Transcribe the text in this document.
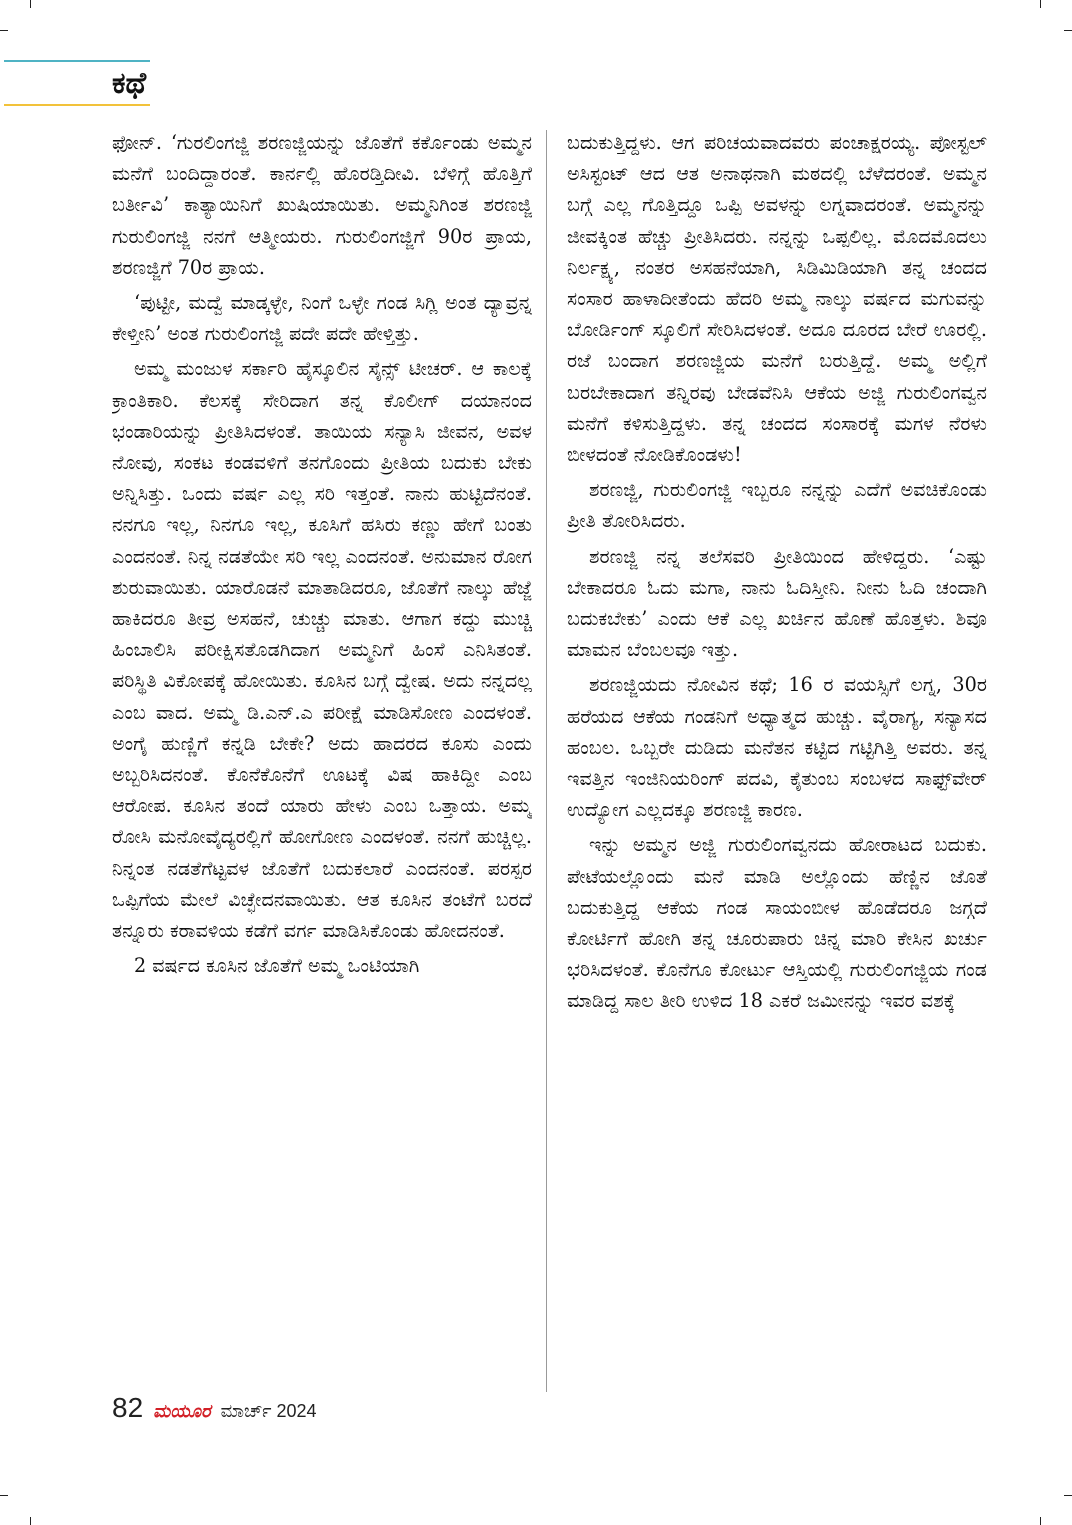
ಕಥೆ

ಫೋನ್. ‘ಗುರಲಿಂಗಜ್ಜಿ ಶರಣಜ್ಜಿಯನ್ನು ಜೊತೆಗೆ ಕರ್ಕೊಂಡು ಅಮ್ಮನ ಮನೆಗೆ ಬಂದಿದ್ದಾರಂತೆ. ಕಾರ್ನಲ್ಲಿ ಹೊರಡ್ತಿದೀವಿ. ಬೆಳಿಗ್ಗೆ ಹೊತ್ತಿಗೆ ಬರ್ತೀವಿ’ ಕಾತ್ಯಾಯಿನಿಗೆ ಖುಷಿಯಾಯಿತು. ಅಮ್ಮನಿಗಿಂತ ಶರಣಜ್ಜಿ ಗುರುಲಿಂಗಜ್ಜಿ ನನಗೆ ಆತ್ಮೀಯರು. ಗುರುಲಿಂಗಜ್ಜಿಗೆ 90ರ ಪ್ರಾಯ, ಶರಣಜ್ಜಿಗೆ 70ರ ಪ್ರಾಯ.

‘ಪುಟ್ಟೀ, ಮದ್ವೆ ಮಾಡ್ಕಳ್ಳೇ, ನಿಂಗೆ ಒಳ್ಳೇ ಗಂಡ ಸಿಗ್ಲಿ ಅಂತ ದ್ಯಾವ್ರನ್ನ ಕೇಳ್ತೀನಿ’ ಅಂತ ಗುರುಲಿಂಗಜ್ಜಿ ಪದೇ ಪದೇ ಹೇಳ್ತಿತ್ತು.

ಅಮ್ಮ ಮಂಜುಳ ಸರ್ಕಾರಿ ಹೈಸ್ಕೂಲಿನ ಸೈನ್ಸ್ ಟೀಚರ್. ಆ ಕಾಲಕ್ಕೆ ಕ್ರಾಂತಿಕಾರಿ. ಕೆಲಸಕ್ಕೆ ಸೇರಿದಾಗ ತನ್ನ ಕೊಲೀಗ್ ದಯಾನಂದ ಭಂಡಾರಿಯನ್ನು ಪ್ರೀತಿಸಿದಳಂತೆ. ತಾಯಿಯ ಸನ್ಯಾಸಿ ಜೀವನ, ಅವಳ ನೋವು, ಸಂಕಟ ಕಂಡವಳಿಗೆ ತನಗೊಂದು ಪ್ರೀತಿಯ ಬದುಕು ಬೇಕು ಅನ್ನಿಸಿತ್ತು. ಒಂದು ವರ್ಷ ಎಲ್ಲ ಸರಿ ಇತ್ತಂತೆ. ನಾನು ಹುಟ್ಟಿದೆನಂತೆ. ನನಗೂ ಇಲ್ಲ, ನಿನಗೂ ಇಲ್ಲ, ಕೂಸಿಗೆ ಹಸಿರು ಕಣ್ಣು ಹೇಗೆ ಬಂತು ಎಂದನಂತೆ. ನಿನ್ನ ನಡತೆಯೇ ಸರಿ ಇಲ್ಲ ಎಂದನಂತೆ. ಅನುಮಾನ ರೋಗ ಶುರುವಾಯಿತು. ಯಾರೊಡನೆ ಮಾತಾಡಿದರೂ, ಜೊತೆಗೆ ನಾಲ್ಕು ಹೆಜ್ಜೆ ಹಾಕಿದರೂ ತೀವ್ರ ಅಸಹನೆ, ಚುಚ್ಚು ಮಾತು. ಆಗಾಗ ಕದ್ದು ಮುಚ್ಚಿ ಹಿಂಬಾಲಿಸಿ ಪರೀಕ್ಷಿಸತೊಡಗಿದಾಗ ಅಮ್ಮನಿಗೆ ಹಿಂಸೆ ಎನಿಸಿತಂತೆ. ಪರಿಸ್ಥಿತಿ ವಿಕೋಪಕ್ಕೆ ಹೋಯಿತು. ಕೂಸಿನ ಬಗ್ಗೆ ದ್ವೇಷ. ಅದು ನನ್ನದಲ್ಲ ಎಂಬ ವಾದ. ಅಮ್ಮ ಡಿ.ಎನ್.ಎ ಪರೀಕ್ಷೆ ಮಾಡಿಸೋಣ ಎಂದಳಂತೆ. ಅಂಗೈ ಹುಣ್ಣಿಗೆ ಕನ್ನಡಿ ಬೇಕೇ? ಅದು ಹಾದರದ ಕೂಸು ಎಂದು ಅಬ್ಬರಿಸಿದನಂತೆ. ಕೊನೆಕೊನೆಗೆ ಊಟಕ್ಕೆ ವಿಷ ಹಾಕಿದ್ದೀ ಎಂಬ ಆರೋಪ. ಕೂಸಿನ ತಂದೆ ಯಾರು ಹೇಳು ಎಂಬ ಒತ್ತಾಯ. ಅಮ್ಮ ರೋಸಿ ಮನೋವೈದ್ಯರಲ್ಲಿಗೆ ಹೋಗೋಣ ಎಂದಳಂತೆ. ನನಗೆ ಹುಚ್ಚಿಲ್ಲ. ನಿನ್ನಂತ ನಡತೆಗೆಟ್ಟವಳ ಜೊತೆಗೆ ಬದುಕಲಾರೆ ಎಂದನಂತೆ. ಪರಸ್ಪರ ಒಪ್ಪಿಗೆಯ ಮೇಲೆ ವಿಚ್ಛೇದನವಾಯಿತು. ಆತ ಕೂಸಿನ ತಂಟೆಗೆ ಬರದೆ ತನ್ನೂರು ಕರಾವಳಿಯ ಕಡೆಗೆ ವರ್ಗ ಮಾಡಿಸಿಕೊಂಡು ಹೋದನಂತೆ.

2 ವರ್ಷದ ಕೂಸಿನ ಜೊತೆಗೆ ಅಮ್ಮ ಒಂಟಿಯಾಗಿ

ಬದುಕುತ್ತಿದ್ದಳು. ಆಗ ಪರಿಚಯವಾದವರು ಪಂಚಾಕ್ಷರಯ್ಯ. ಪೋಸ್ಟಲ್ ಅಸಿಸ್ಟಂಟ್ ಆದ ಆತ ಅನಾಥನಾಗಿ ಮಠದಲ್ಲಿ ಬೆಳೆದರಂತೆ. ಅಮ್ಮನ ಬಗ್ಗೆ ಎಲ್ಲ ಗೊತ್ತಿದ್ದೂ ಒಪ್ಪಿ ಅವಳನ್ನು ಲಗ್ನವಾದರಂತೆ. ಅಮ್ಮನನ್ನು ಜೀವಕ್ಕಿಂತ ಹೆಚ್ಚು ಪ್ರೀತಿಸಿದರು. ನನ್ನನ್ನು ಒಪ್ಪಲಿಲ್ಲ. ಮೊದಮೊದಲು ನಿರ್ಲಕ್ಷ್ಯ, ನಂತರ ಅಸಹನೆಯಾಗಿ, ಸಿಡಿಮಿಡಿಯಾಗಿ ತನ್ನ ಚಂದದ ಸಂಸಾರ ಹಾಳಾದೀತೆಂದು ಹೆದರಿ ಅಮ್ಮ ನಾಲ್ಕು ವರ್ಷದ ಮಗುವನ್ನು ಬೋರ್ಡಿಂಗ್ ಸ್ಕೂಲಿಗೆ ಸೇರಿಸಿದಳಂತೆ. ಅದೂ ದೂರದ ಬೇರೆ ಊರಲ್ಲಿ. ರಜೆ ಬಂದಾಗ ಶರಣಜ್ಜಿಯ ಮನೆಗೆ ಬರುತ್ತಿದ್ದೆ. ಅಮ್ಮ ಅಲ್ಲಿಗೆ ಬರಬೇಕಾದಾಗ ತನ್ನಿರವು ಬೇಡವೆನಿಸಿ ಆಕೆಯ ಅಜ್ಜಿ ಗುರುಲಿಂಗವ್ವನ ಮನೆಗೆ ಕಳಿಸುತ್ತಿದ್ದಳು. ತನ್ನ ಚಂದದ ಸಂಸಾರಕ್ಕೆ ಮಗಳ ನೆರಳು ಬೀಳದಂತೆ ನೋಡಿಕೊಂಡಳು!

ಶರಣಜ್ಜಿ, ಗುರುಲಿಂಗಜ್ಜಿ ಇಬ್ಬರೂ ನನ್ನನ್ನು ಎದೆಗೆ ಅವಚಿಕೊಂಡು ಪ್ರೀತಿ ತೋರಿಸಿದರು.

ಶರಣಜ್ಜಿ ನನ್ನ ತಲೆಸವರಿ ಪ್ರೀತಿಯಿಂದ ಹೇಳಿದ್ದರು. ‘ಎಷ್ಟು ಬೇಕಾದರೂ ಓದು ಮಗಾ, ನಾನು ಓದಿಸ್ತೀನಿ. ನೀನು ಓದಿ ಚಂದಾಗಿ ಬದುಕಬೇಕು’ ಎಂದು ಆಕೆ ಎಲ್ಲ ಖರ್ಚಿನ ಹೊಣೆ ಹೊತ್ತಳು. ಶಿವೂ ಮಾಮನ ಬೆಂಬಲವೂ ಇತ್ತು.

ಶರಣಜ್ಜಿಯದು ನೋವಿನ ಕಥೆ; 16 ರ ವಯಸ್ಸಿಗೆ ಲಗ್ನ, 30ರ ಹರೆಯದ ಆಕೆಯ ಗಂಡನಿಗೆ ಅಧ್ಯಾತ್ಮದ ಹುಚ್ಚು. ವೈರಾಗ್ಯ, ಸನ್ಯಾಸದ ಹಂಬಲ. ಒಬ್ಬರೇ ದುಡಿದು ಮನೆತನ ಕಟ್ಟಿದ ಗಟ್ಟಿಗಿತ್ತಿ ಅವರು. ತನ್ನ ಇವತ್ತಿನ ಇಂಜಿನಿಯರಿಂಗ್ ಪದವಿ, ಕೈತುಂಬ ಸಂಬಳದ ಸಾಫ್ಟ್‌ವೇರ್ ಉದ್ಯೋಗ ಎಲ್ಲದಕ್ಕೂ ಶರಣಜ್ಜಿ ಕಾರಣ.

ಇನ್ನು ಅಮ್ಮನ ಅಜ್ಜಿ ಗುರುಲಿಂಗವ್ವನದು ಹೋರಾಟದ ಬದುಕು. ಪೇಟೆಯಲ್ಲೊಂದು ಮನೆ ಮಾಡಿ ಅಲ್ಲೊಂದು ಹೆಣ್ಣಿನ ಜೊತೆ ಬದುಕುತ್ತಿದ್ದ ಆಕೆಯ ಗಂಡ ಸಾಯಂಬೀಳ ಹೊಡೆದರೂ ಜಗ್ಗದೆ ಕೋರ್ಟಿಗೆ ಹೋಗಿ ತನ್ನ ಚೂರುಪಾರು ಚಿನ್ನ ಮಾರಿ ಕೇಸಿನ ಖರ್ಚು ಭರಿಸಿದಳಂತೆ. ಕೊನೆಗೂ ಕೋರ್ಟು ಆಸ್ತಿಯಲ್ಲಿ ಗುರುಲಿಂಗಜ್ಜಿಯ ಗಂಡ ಮಾಡಿದ್ದ ಸಾಲ ತೀರಿ ಉಳಿದ 18 ಎಕರೆ ಜಮೀನನ್ನು ಇವರ ವಶಕ್ಕೆ

82 ಮಯೂರ ಮಾರ್ಚ್ 2024
